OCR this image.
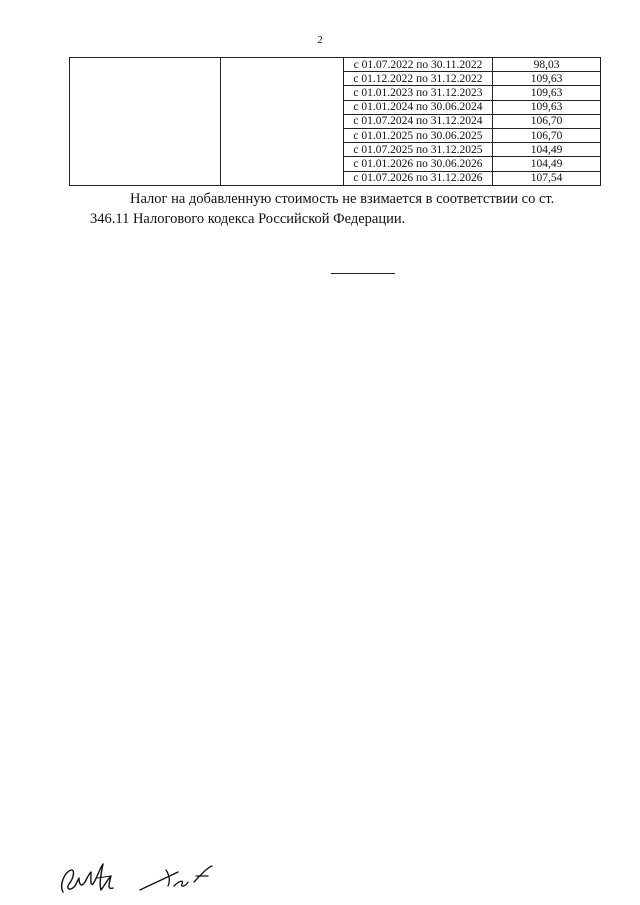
2
		с 01.07.2022 по 30.11.2022	98,03
		с 01.12.2022 по 31.12.2022	109,63
		с 01.01.2023 по 31.12.2023	109,63
		с 01.01.2024 по 30.06.2024	109,63
		с 01.07.2024 по 31.12.2024	106,70
		с 01.01.2025 по 30.06.2025	106,70
		с 01.07.2025 по 31.12.2025	104,49
		с 01.01.2026 по 30.06.2026	104,49
		с 01.07.2026 по 31.12.2026	107,54

Налог на добавленную стоимость не взимается в соответствии со ст.
346.11 Налогового кодекса Российской Федерации.
